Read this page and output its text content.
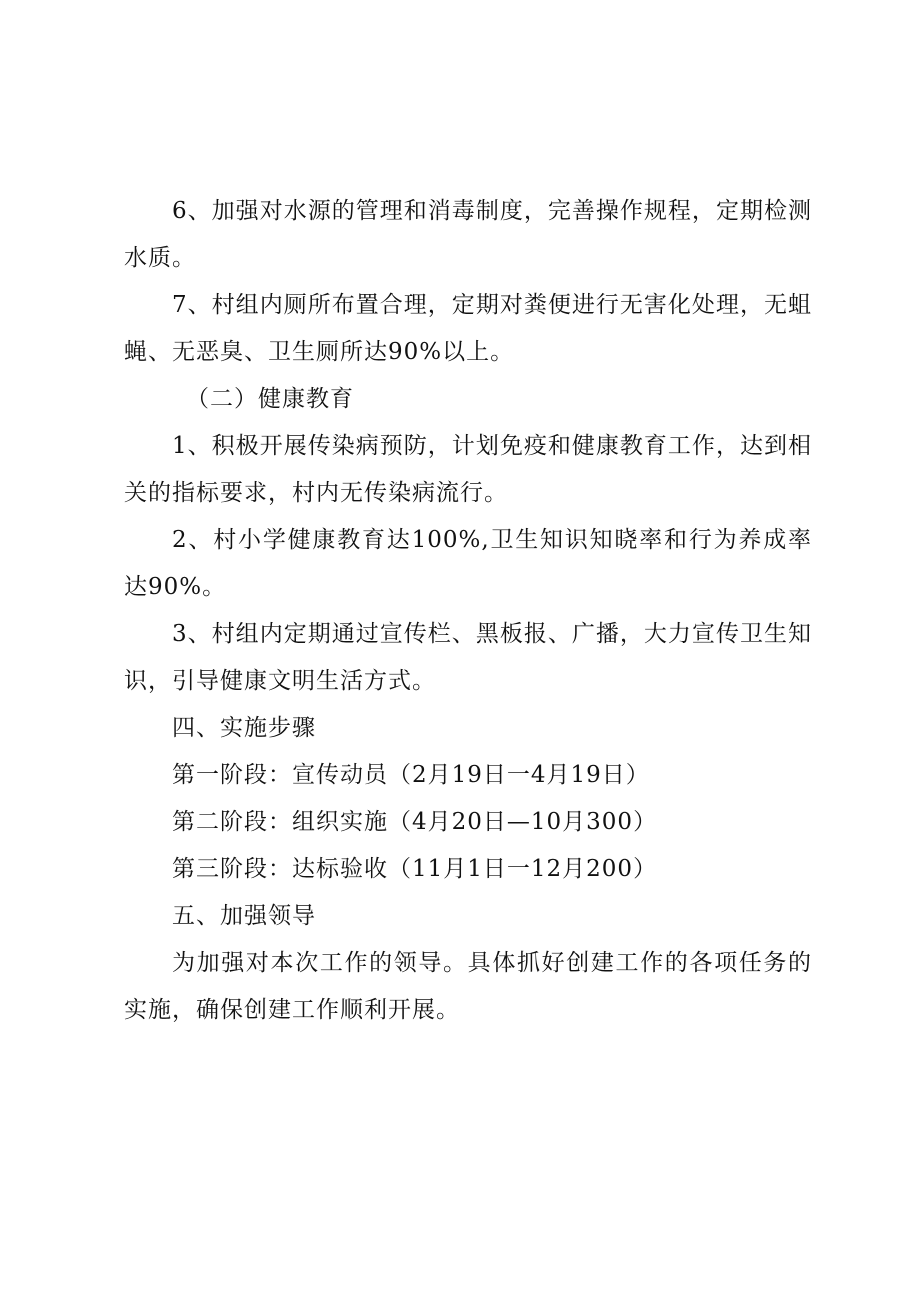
6、加强对水源的管理和消毒制度，完善操作规程，定期检测水质。

7、村组内厕所布置合理，定期对粪便进行无害化处理，无蛆蝇、无恶臭、卫生厕所达90%以上。

（二）健康教育

1、积极开展传染病预防，计划免疫和健康教育工作，达到相关的指标要求，村内无传染病流行。

2、村小学健康教育达100%,卫生知识知晓率和行为养成率达90%。

3、村组内定期通过宣传栏、黑板报、广播，大力宣传卫生知识，引导健康文明生活方式。

四、实施步骤

第一阶段：宣传动员（2月19日一4月19日）

第二阶段：组织实施（4月20日—10月300）

第三阶段：达标验收（11月1日一12月200）

五、加强领导

为加强对本次工作的领导。具体抓好创建工作的各项任务的实施，确保创建工作顺利开展。
